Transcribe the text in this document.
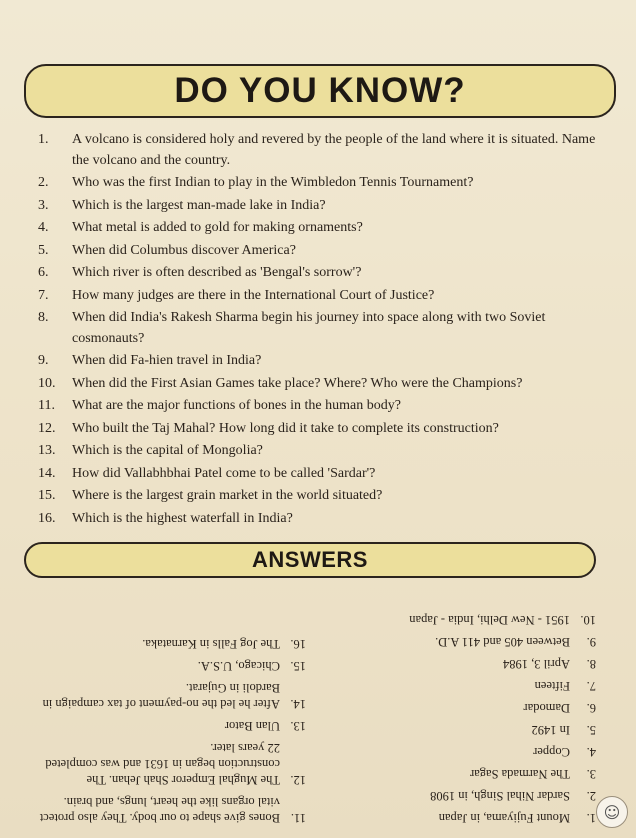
DO YOU KNOW?
1.	A volcano is considered holy and revered by the people of the land where it is situated. Name the volcano and the country.
2.	Who was the first Indian to play in the Wimbledon Tennis Tournament?
3.	Which is the largest man-made lake in India?
4.	What metal is added to gold for making ornaments?
5.	When did Columbus discover America?
6.	Which river is often described as 'Bengal's sorrow'?
7.	How many judges are there in the International Court of Justice?
8.	When did India's Rakesh Sharma begin his journey into space along with two Soviet cosmonauts?
9.	When did Fa-hien travel in India?
10.	When did the First Asian Games take place? Where? Who were the Champions?
11.	What are the major functions of bones in the human body?
12.	Who built the Taj Mahal? How long did it take to complete its construction?
13.	Which is the capital of Mongolia?
14.	How did Vallabhbhai Patel come to be called 'Sardar'?
15.	Where is the largest grain market in the world situated?
16.	Which is the highest waterfall in India?
ANSWERS
1.
Mount Fujiyama, in Japan
2.
Sardar Nihal Singh, in 1908
3.
The Narmada Sagar
4.
Copper
5.
In 1492
6.
Damodar
7.
Fifteen
8.
April 3, 1984
9.
Between 405 and 411 A.D.
10.
1951 - New Delhi, India - Japan
11.
Bones give shape to our body. They also protect vital organs like the heart, lungs, and brain.
12.
The Mughal Emperor Shah Jehan. The construction began in 1631 and was completed 22 years later.
13.
Ulan Bator
14.
After he led the no-payment of tax campaign in Bardoli in Gujarat.
15.
Chicago, U.S.A.
16.
The Jog Falls in Karnataka.
☺
